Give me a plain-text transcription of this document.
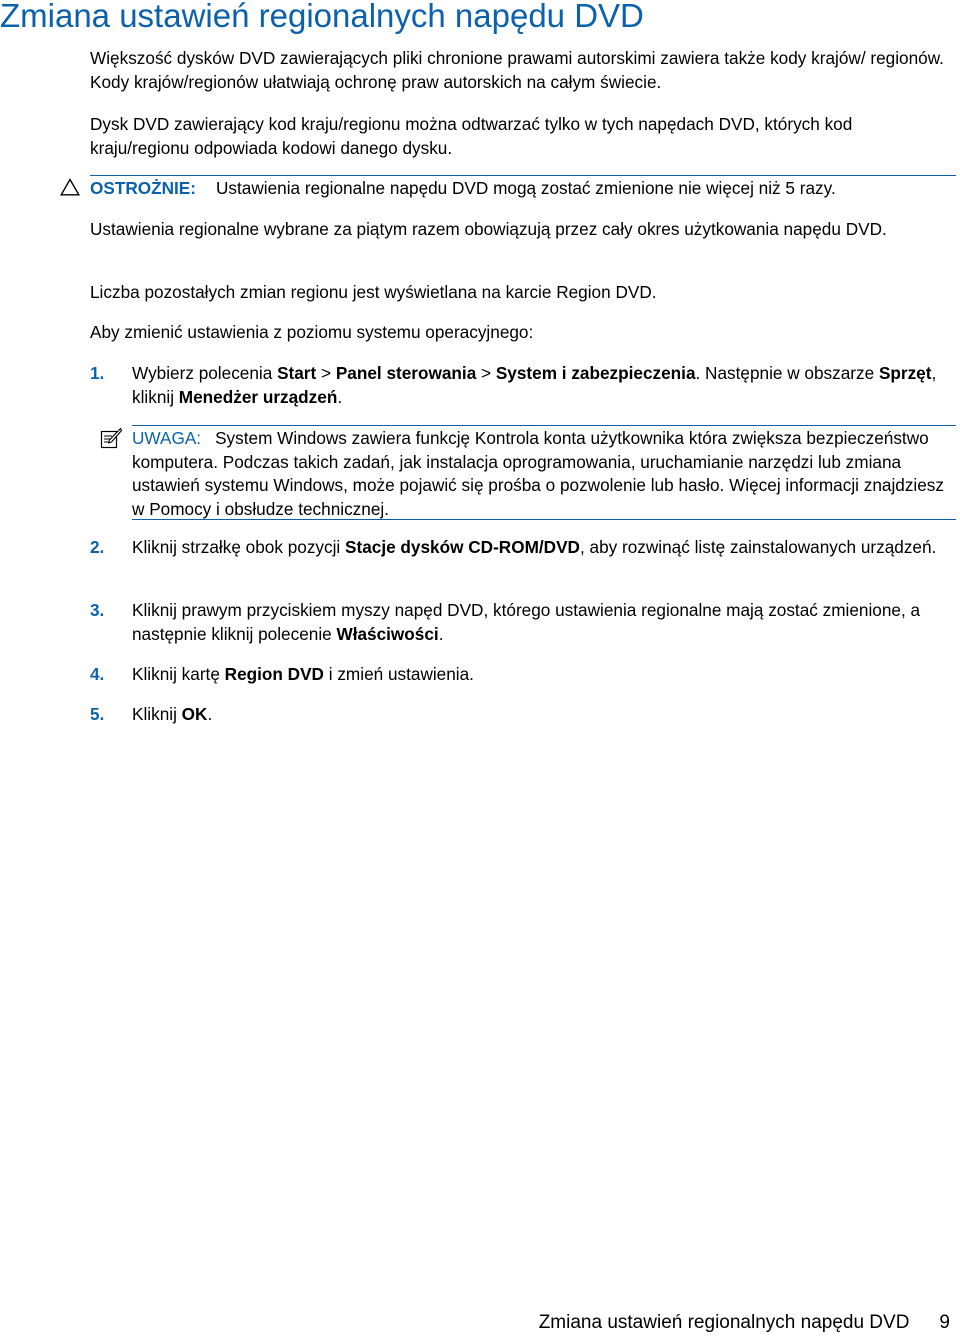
Zmiana ustawień regionalnych napędu DVD

Większość dysków DVD zawierających pliki chronione prawami autorskimi zawiera także kody krajów/ regionów. Kody krajów/regionów ułatwiają ochronę praw autorskich na całym świecie.

Dysk DVD zawierający kod kraju/regionu można odtwarzać tylko w tych napędach DVD, których kod kraju/regionu odpowiada kodowi danego dysku.

OSTROŻNIE: Ustawienia regionalne napędu DVD mogą zostać zmienione nie więcej niż 5 razy.

Ustawienia regionalne wybrane za piątym razem obowiązują przez cały okres użytkowania napędu DVD.

Liczba pozostałych zmian regionu jest wyświetlana na karcie Region DVD.

Aby zmienić ustawienia z poziomu systemu operacyjnego:

1. Wybierz polecenia Start > Panel sterowania > System i zabezpieczenia. Następnie w obszarze Sprzęt, kliknij Menedżer urządzeń.
UWAGA: System Windows zawiera funkcję Kontrola konta użytkownika która zwiększa bezpieczeństwo komputera. Podczas takich zadań, jak instalacja oprogramowania, uruchamianie narzędzi lub zmiana ustawień systemu Windows, może pojawić się prośba o pozwolenie lub hasło. Więcej informacji znajdziesz w Pomocy i obsłudze technicznej.
2. Kliknij strzałkę obok pozycji Stacje dysków CD-ROM/DVD, aby rozwinąć listę zainstalowanych urządzeń.
3. Kliknij prawym przyciskiem myszy napęd DVD, którego ustawienia regionalne mają zostać zmienione, a następnie kliknij polecenie Właściwości.
4. Kliknij kartę Region DVD i zmień ustawienia.
5. Kliknij OK.
Zmiana ustawień regionalnych napędu DVD 9
